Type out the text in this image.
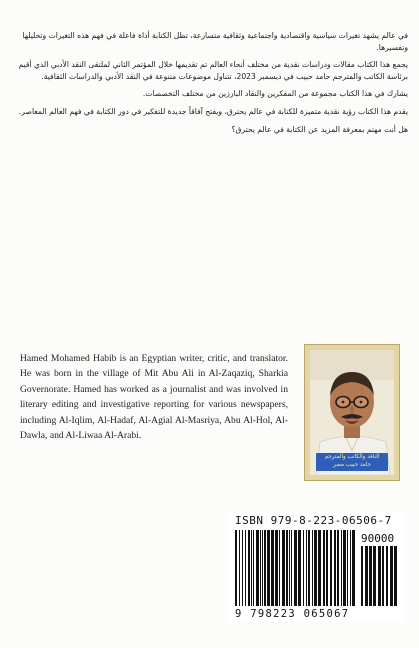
في عالم يشهد تغيرات سياسية واقتصادية واجتماعية وثقافية متسارعة، تظل الكتابة أداة فاعلة في فهم هذه التغيرات وتحليلها وتفسيرها.

يجمع هذا الكتاب مقالات ودراسات نقدية من مختلف أنحاء العالم تم تقديمها خلال المؤتمر الثاني لملتقى النقد الأدبي الذي أقيم برئاسة الكاتب والمترجم حامد حبيب في ديسمبر 2023، تتناول موضوعات متنوعة في النقد الأدبي والدراسات الثقافية.

يشارك في هذا الكتاب مجموعة من المفكرين والنقاد البارزين من مختلف التخصصات.

يقدم هذا الكتاب رؤية نقدية متميزة للكتابة في عالم يحترق، ويفتح آفاقاً جديدة للتفكير في دور الكتابة في فهم العالم المعاصر.

هل أنت مهتم بمعرفة المزيد عن الكتابة في عالم يحترق؟

Hamed Mohamed Habib is an Egyptian writer, critic, and translator. He was born in the village of Mit Abu Ali in Al-Zaqaziq, Sharkia Governorate. Hamed has worked as a journalist and was involved in literary editing and investigative reporting for various newspapers, including Al-Iqlim, Al-Hadaf, Al-Agial Al-Masriya, Abu Al-Hol, Al-Dawla, and Al-Liwaa Al-Arabi.
الناقد والكاتب والمترجم
حامد حبيب مصر
ISBN 979-8-223-06506-7
90000
9 798223 065067
